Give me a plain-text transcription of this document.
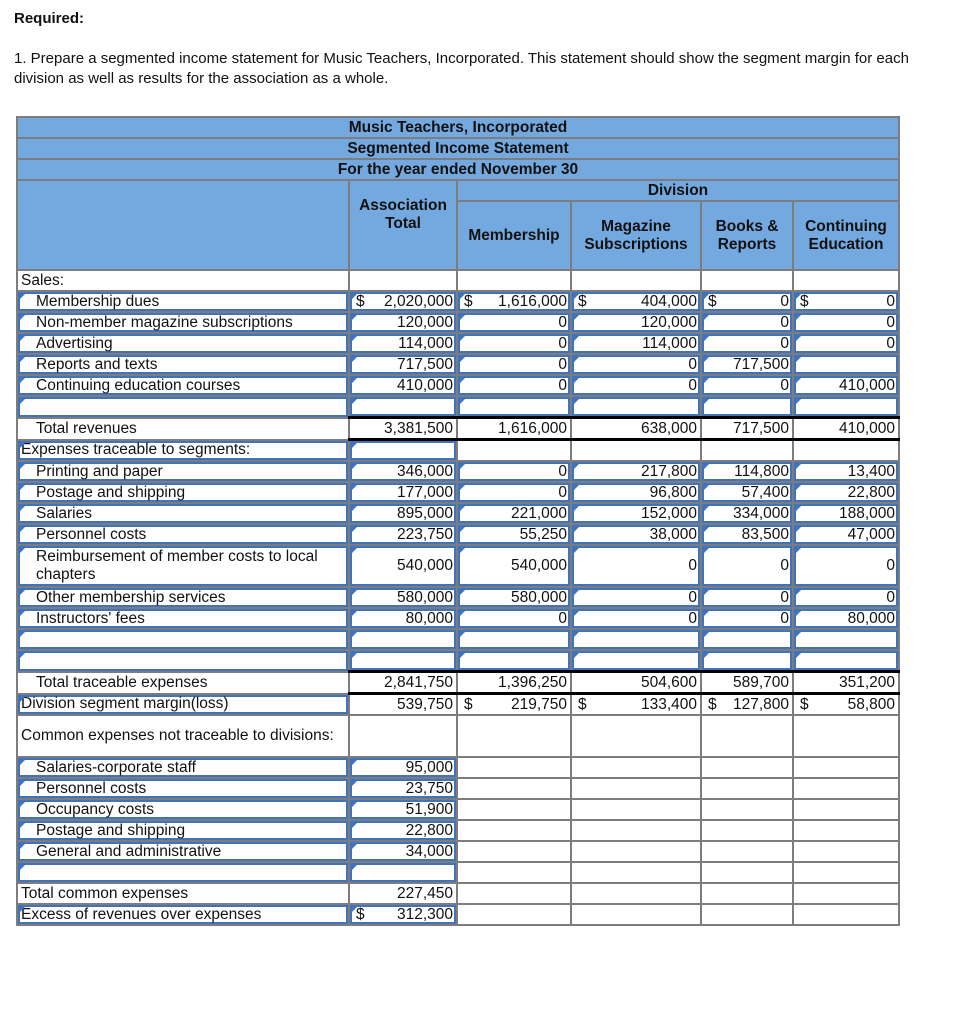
Required:
1. Prepare a segmented income statement for Music Teachers, Incorporated. This statement should show the segment margin for each division as well as results for the association as a whole.
Music Teachers, Incorporated					
Segmented Income Statement					
For the year ended November 30					
	Association Total	Division			
		Membership	Magazine Subscriptions	Books & Reports	Continuing Education
Sales:					
Membership dues	$ 2,020,000	$ 1,616,000	$ 404,000	$ 0	$ 0
Non-member magazine subscriptions	120,000	0	120,000	0	0
Advertising	114,000	0	114,000	0	0
Reports and texts	717,500	0	0	717,500	
Continuing education courses	410,000	0	0	0	410,000

Total revenues	3,381,500	1,616,000	638,000	717,500	410,000
Expenses traceable to segments:					
Printing and paper	346,000	0	217,800	114,800	13,400
Postage and shipping	177,000	0	96,800	57,400	22,800
Salaries	895,000	221,000	152,000	334,000	188,000
Personnel costs	223,750	55,250	38,000	83,500	47,000
Reimbursement of member costs to local chapters	540,000	540,000	0	0	0
Other membership services	580,000	580,000	0	0	0
Instructors' fees	80,000	0	0	0	80,000

Total traceable expenses	2,841,750	1,396,250	504,600	589,700	351,200
Division segment margin(loss)	539,750	$ 219,750	$ 133,400	$ 127,800	$ 58,800
Common expenses not traceable to divisions:					
Salaries-corporate staff	95,000				
Personnel costs	23,750				
Occupancy costs	51,900				
Postage and shipping	22,800				
General and administrative	34,000				

Total common expenses	227,450				
Excess of revenues over expenses	$ 312,300				
